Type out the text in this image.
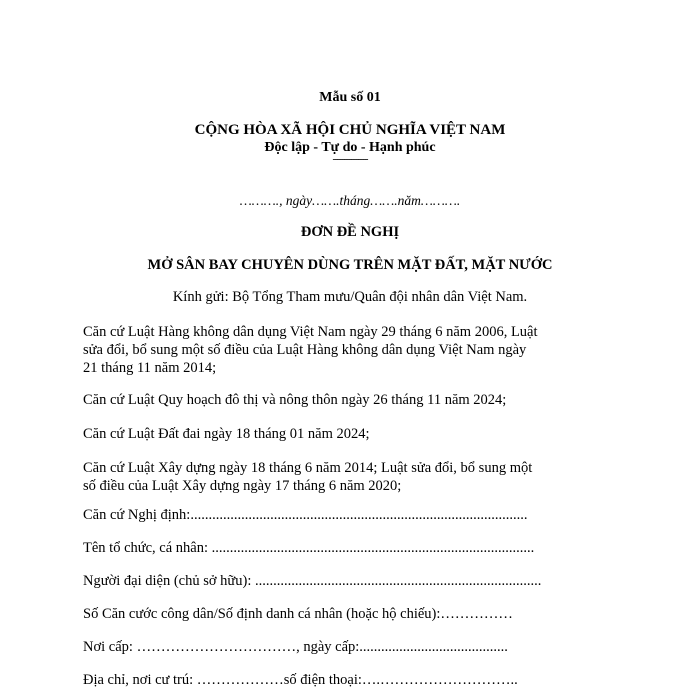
Mẫu số 01
CỘNG HÒA XÃ HỘI CHỦ NGHĨA VIỆT NAM
Độc lập - Tự do - Hạnh phúc
---------------
………., ngày…….tháng…….năm……….
ĐƠN ĐỀ NGHỊ
MỞ SÂN BAY CHUYÊN DÙNG TRÊN MẶT ĐẤT, MẶT NƯỚC
Kính gửi: Bộ Tổng Tham mưu/Quân đội nhân dân Việt Nam.
Căn cứ Luật Hàng không dân dụng Việt Nam ngày 29 tháng 6 năm 2006, Luật sửa đổi, bổ sung một số điều của Luật Hàng không dân dụng Việt Nam ngày 21 tháng 11 năm 2014;
Căn cứ Luật Quy hoạch đô thị và nông thôn ngày 26 tháng 11 năm 2024;
Căn cứ Luật Đất đai ngày 18 tháng 01 năm 2024;
Căn cứ Luật Xây dựng ngày 18 tháng 6 năm 2014; Luật sửa đổi, bổ sung một số điều của Luật Xây dựng ngày 17 tháng 6 năm 2020;
Căn cứ Nghị định:.............................................................................................
Tên tổ chức, cá nhân: .........................................................................................
Người đại diện (chủ sở hữu): ...............................................................................
Số Căn cước công dân/Số định danh cá nhân (hoặc hộ chiếu):……………
Nơi cấp: ……………………………, ngày cấp:.........................................
Địa chỉ, nơi cư trú: ………………số điện thoại:….………………………..
